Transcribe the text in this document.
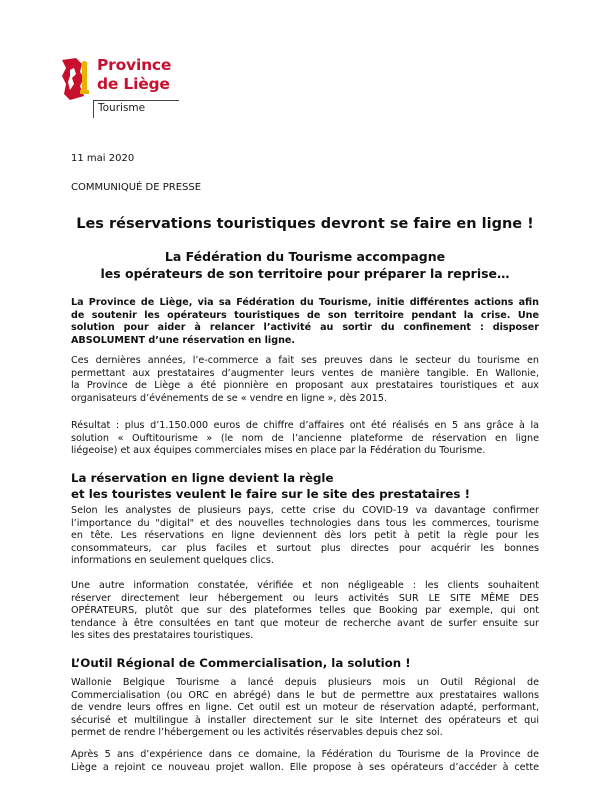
Province
de Liège
Tourisme
11 mai 2020
COMMUNIQUÉ DE PRESSE
Les réservations touristiques devront se faire en ligne !
La Fédération du Tourisme accompagne
les opérateurs de son territoire pour préparer la reprise…
La Province de Liège, via sa Fédération du Tourisme, initie différentes actions afin
de soutenir les opérateurs touristiques de son territoire pendant la crise. Une
solution pour aider à relancer l’activité au sortir du confinement : disposer
ABSOLUMENT d’une réservation en ligne.
Ces dernières années, l’e-commerce a fait ses preuves dans le secteur du tourisme en
permettant aux prestataires d’augmenter leurs ventes de manière tangible. En Wallonie,
la Province de Liège a été pionnière en proposant aux prestataires touristiques et aux
organisateurs d’événements de se « vendre en ligne », dès 2015.
Résultat : plus d’1.150.000 euros de chiffre d’affaires ont été réalisés en 5 ans grâce à la
solution « Ouftitourisme » (le nom de l’ancienne plateforme de réservation en ligne
liégeoise) et aux équipes commerciales mises en place par la Fédération du Tourisme.
La réservation en ligne devient la règle
et les touristes veulent le faire sur le site des prestataires !
Selon les analystes de plusieurs pays, cette crise du COVID-19 va davantage confirmer
l’importance du "digital" et des nouvelles technologies dans tous les commerces, tourisme
en tête. Les réservations en ligne deviennent dès lors petit à petit la règle pour les
consommateurs, car plus faciles et surtout plus directes pour acquérir les bonnes
informations en seulement quelques clics.
Une autre information constatée, vérifiée et non négligeable : les clients souhaitent
réserver directement leur hébergement ou leurs activités SUR LE SITE MÊME DES
OPÉRATEURS, plutôt que sur des plateformes telles que Booking par exemple, qui ont
tendance à être consultées en tant que moteur de recherche avant de surfer ensuite sur
les sites des prestataires touristiques.
L’Outil Régional de Commercialisation, la solution !
Wallonie Belgique Tourisme a lancé depuis plusieurs mois un Outil Régional de
Commercialisation (ou ORC en abrégé) dans le but de permettre aux prestataires wallons
de vendre leurs offres en ligne. Cet outil est un moteur de réservation adapté, performant,
sécurisé et multilingue à installer directement sur le site Internet des opérateurs et qui
permet de rendre l’hébergement ou les activités réservables depuis chez soi.
Après 5 ans d’expérience dans ce domaine, la Fédération du Tourisme de la Province de
Liège a rejoint ce nouveau projet wallon. Elle propose à ses opérateurs d’accéder à cette
